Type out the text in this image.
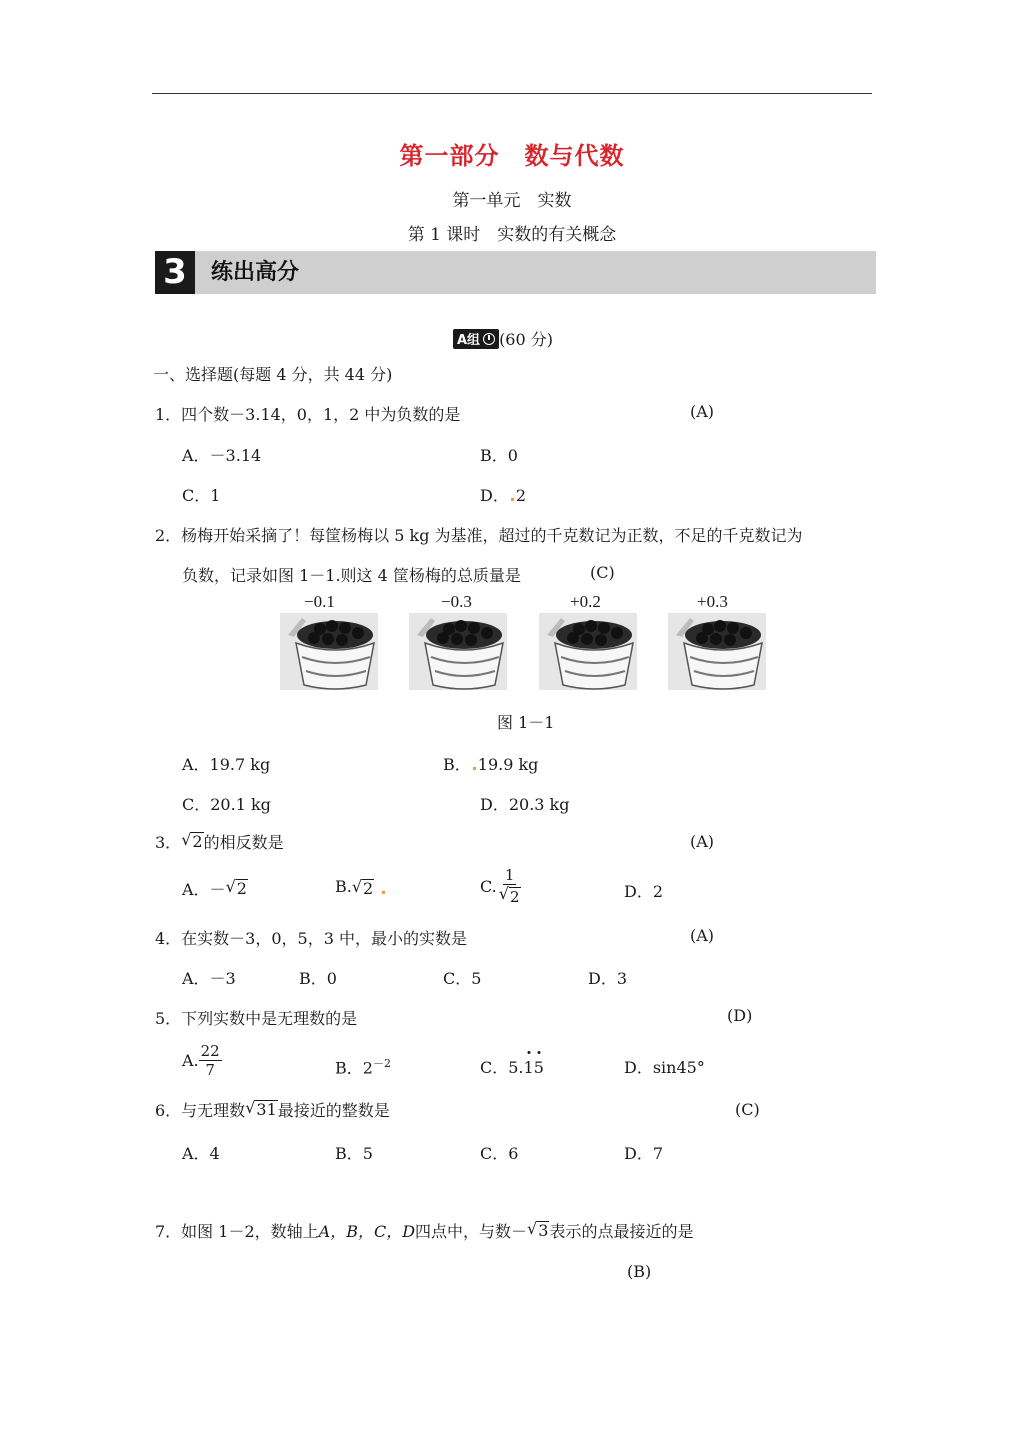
第一部分　数与代数
第一单元　实数
第 1 课时　实数的有关概念
3	练出高分
A组 (60 分)
一、选择题(每题 4 分，共 44 分)
1．四个数－3.14，0，1，2 中为负数的是	(A)
A．－3.14	B．0
C．1	D． 2
2．杨梅开始采摘了！每筐杨梅以 5 kg 为基准，超过的千克数记为正数，不足的千克数记为
负数，记录如图 1－1.则这 4 筐杨梅的总质量是	(C)
−0.1	−0.3	+0.2	+0.3
图 1－1
A．19.7 kg	B． 19.9 kg
C．20.1 kg	D．20.3 kg
3． √ 2 的相反数是	(A)
A．－ √ 2	B. √ 2	C. $\frac{1}{√ 2}$	D．2
4．在实数－3，0，5，3 中，最小的实数是	(A)
A．－3	B．0	C．5	D．3
5．下列实数中是无理数的是	(D)
A. $\frac{22}{7}$	B．$2^{-2}$	C．5.15	D．sin45°
6．与无理数 √ 31 最接近的整数是	(C)
A．4	B．5	C．6	D．7
7．如图 1－2，数轴上 A，B，C，D 四点中，与数－ √ 3 表示的点最接近的是
(B)
